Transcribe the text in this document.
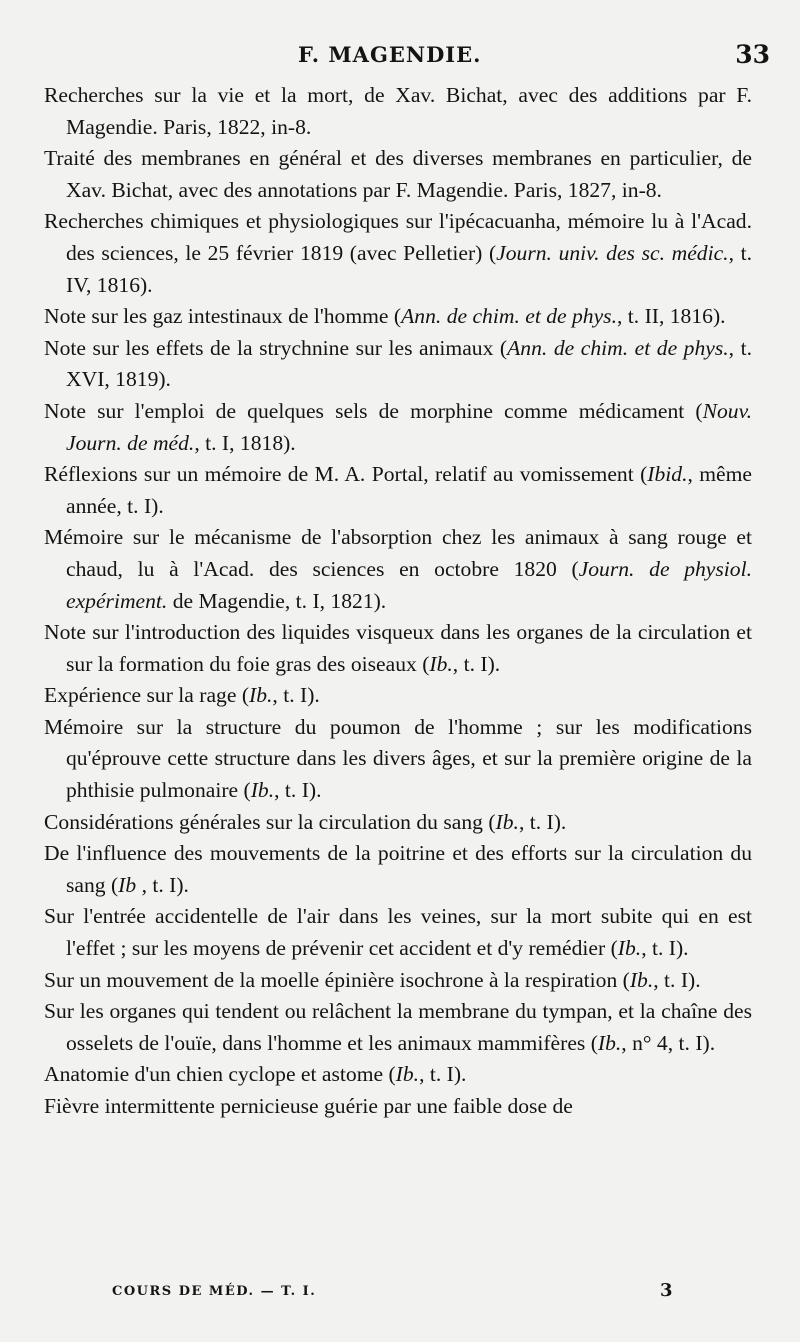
F. MAGENDIE.	33

Recherches sur la vie et la mort, de Xav. Bichat, avec des additions par F. Magendie. Paris, 1822, in-8.

Traité des membranes en général et des diverses membranes en particulier, de Xav. Bichat, avec des annotations par F. Magendie. Paris, 1827, in-8.

Recherches chimiques et physiologiques sur l'ipécacuanha, mémoire lu à l'Acad. des sciences, le 25 février 1819 (avec Pelletier) (Journ. univ. des sc. médic., t. IV, 1816).

Note sur les gaz intestinaux de l'homme (Ann. de chim. et de phys., t. II, 1816).

Note sur les effets de la strychnine sur les animaux (Ann. de chim. et de phys., t. XVI, 1819).

Note sur l'emploi de quelques sels de morphine comme médicament (Nouv. Journ. de méd., t. I, 1818).

Réflexions sur un mémoire de M. A. Portal, relatif au vomissement (Ibid., même année, t. I).

Mémoire sur le mécanisme de l'absorption chez les animaux à sang rouge et chaud, lu à l'Acad. des sciences en octobre 1820 (Journ. de physiol. expériment. de Magendie, t. I, 1821).

Note sur l'introduction des liquides visqueux dans les organes de la circulation et sur la formation du foie gras des oiseaux (Ib., t. I).

Expérience sur la rage (Ib., t. I).

Mémoire sur la structure du poumon de l'homme ; sur les modifications qu'éprouve cette structure dans les divers âges, et sur la première origine de la phthisie pulmonaire (Ib., t. I).

Considérations générales sur la circulation du sang (Ib., t. I).

De l'influence des mouvements de la poitrine et des efforts sur la circulation du sang (Ib , t. I).

Sur l'entrée accidentelle de l'air dans les veines, sur la mort subite qui en est l'effet ; sur les moyens de prévenir cet accident et d'y remédier (Ib., t. I).

Sur un mouvement de la moelle épinière isochrone à la respiration (Ib., t. I).

Sur les organes qui tendent ou relâchent la membrane du tympan, et la chaîne des osselets de l'ouïe, dans l'homme et les animaux mammifères (Ib., n° 4, t. I).

Anatomie d'un chien cyclope et astome (Ib., t. I).

Fièvre intermittente pernicieuse guérie par une faible dose de

COURS DE MÉD. — T. I.	3
